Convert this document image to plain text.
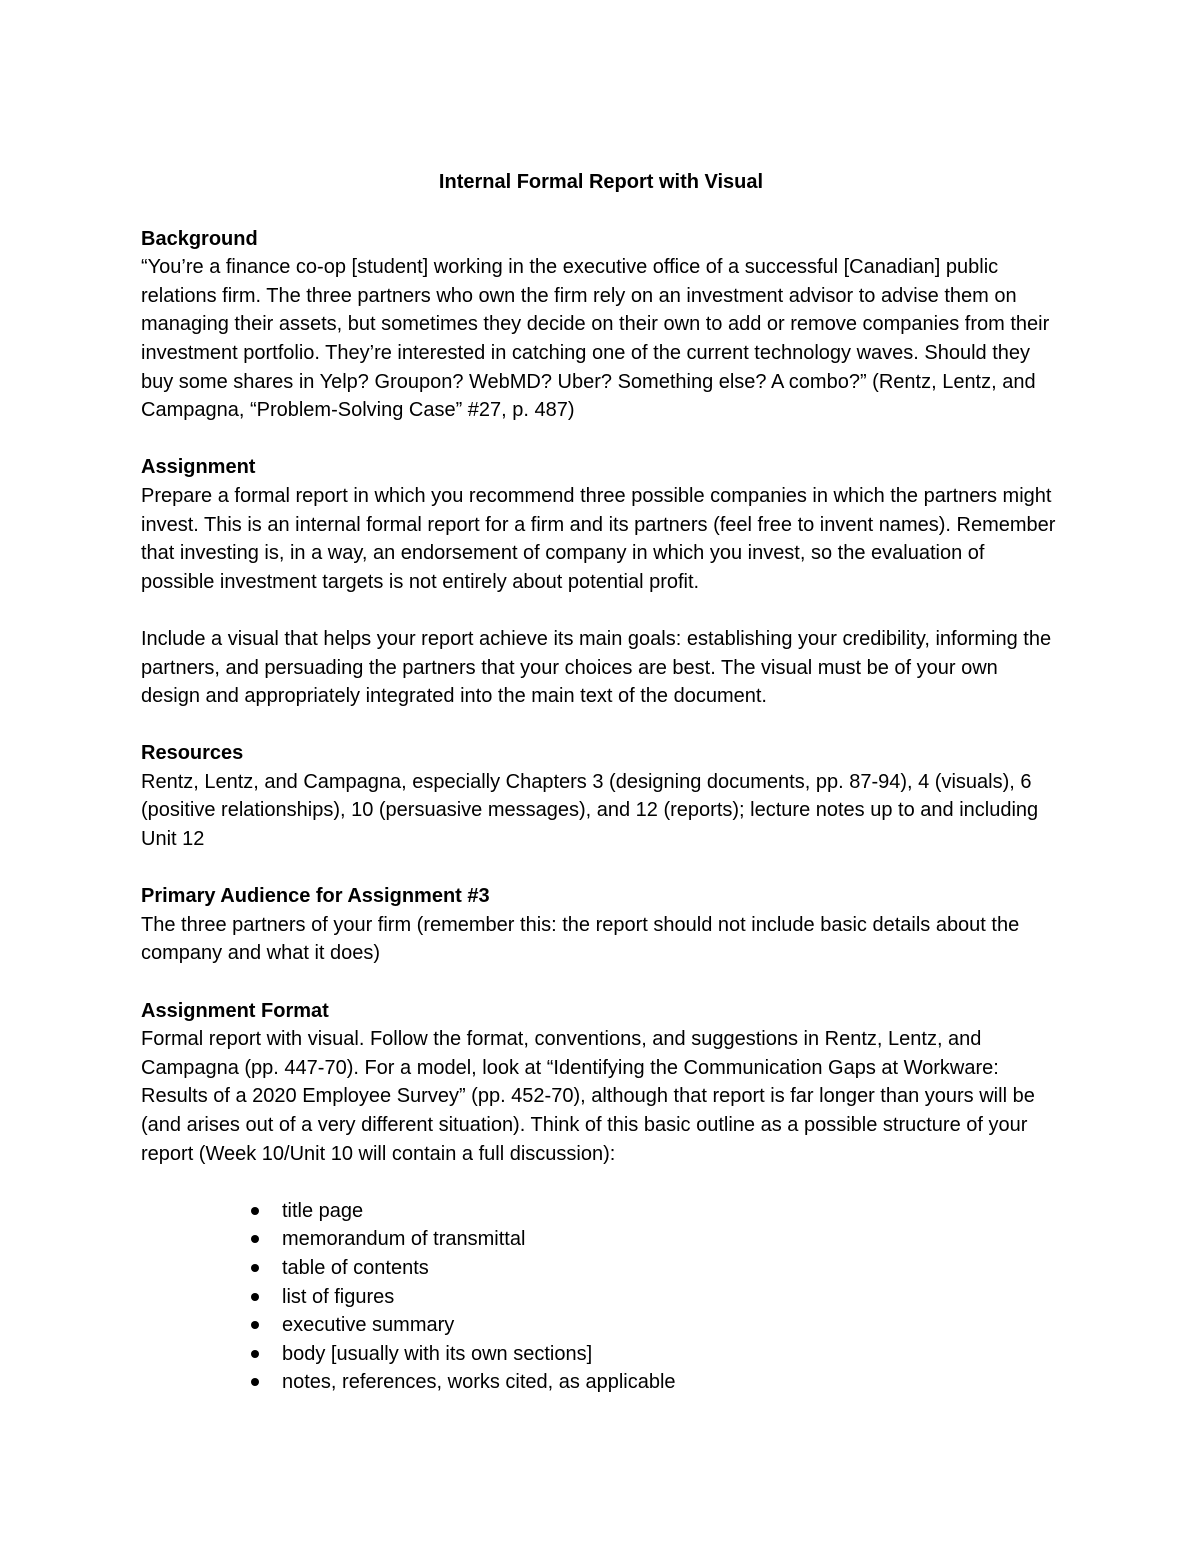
Internal Formal Report with Visual
Background

“You’re a finance co-op [student] working in the executive office of a successful [Canadian] public relations firm. The three partners who own the firm rely on an investment advisor to advise them on managing their assets, but sometimes they decide on their own to add or remove companies from their investment portfolio. They’re interested in catching one of the current technology waves. Should they buy some shares in Yelp? Groupon? WebMD? Uber? Something else? A combo?” (Rentz, Lentz, and Campagna, “Problem-Solving Case” #27, p. 487)

Assignment

Prepare a formal report in which you recommend three possible companies in which the partners might invest. This is an internal formal report for a firm and its partners (feel free to invent names). Remember that investing is, in a way, an endorsement of company in which you invest, so the evaluation of possible investment targets is not entirely about potential profit.

Include a visual that helps your report achieve its main goals: establishing your credibility, informing the partners, and persuading the partners that your choices are best. The visual must be of your own design and appropriately integrated into the main text of the document.

Resources

Rentz, Lentz, and Campagna, especially Chapters 3 (designing documents, pp. 87-94), 4 (visuals), 6 (positive relationships), 10 (persuasive messages), and 12 (reports); lecture notes up to and including Unit 12

Primary Audience for Assignment #3

The three partners of your firm (remember this: the report should not include basic details about the company and what it does)

Assignment Format

Formal report with visual. Follow the format, conventions, and suggestions in Rentz, Lentz, and Campagna (pp. 447-70). For a model, look at “Identifying the Communication Gaps at Workware: Results of a 2020 Employee Survey” (pp. 452-70), although that report is far longer than yours will be (and arises out of a very different situation). Think of this basic outline as a possible structure of your report (Week 10/Unit 10 will contain a full discussion):

title page
memorandum of transmittal
table of contents
list of figures
executive summary
body [usually with its own sections]
notes, references, works cited, as applicable
